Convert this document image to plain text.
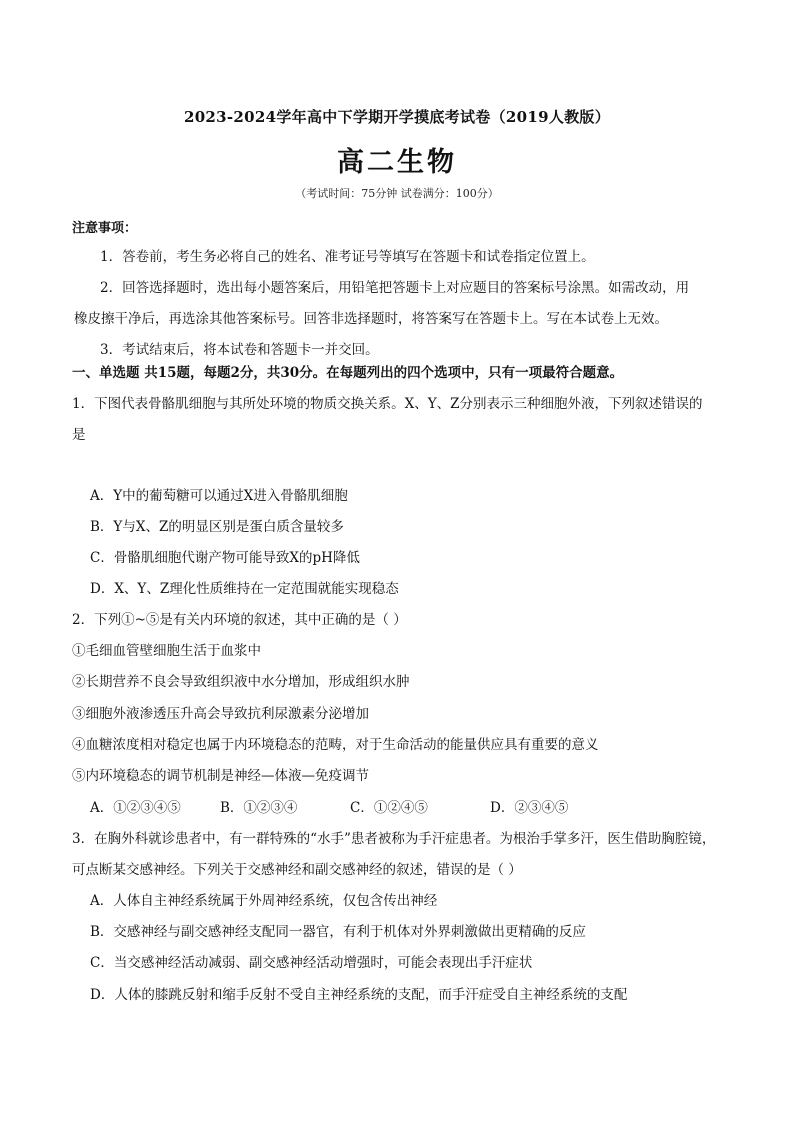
2023-2024学年高中下学期开学摸底考试卷（2019人教版）
高二生物
（考试时间：75分钟 试卷满分：100分）
注意事项：
1．答卷前，考生务必将自己的姓名、准考证号等填写在答题卡和试卷指定位置上。
2．回答选择题时，选出每小题答案后，用铅笔把答题卡上对应题目的答案标号涂黑。如需改动，用
橡皮擦干净后，再选涂其他答案标号。回答非选择题时，将答案写在答题卡上。写在本试卷上无效。
3．考试结束后，将本试卷和答题卡一并交回。
一、单选题 共15题，每题2分，共30分。在每题列出的四个选项中，只有一项最符合题意。
1．下图代表骨骼肌细胞与其所处环境的物质交换关系。X、Y、Z分别表示三种细胞外液，下列叙述错误的
是
A．Y中的葡萄糖可以通过X进入骨骼肌细胞
B．Y与X、Z的明显区别是蛋白质含量较多
C．骨骼肌细胞代谢产物可能导致X的pH降低
D．X、Y、Z理化性质维持在一定范围就能实现稳态
2．下列①~⑤是有关内环境的叙述，其中正确的是（ ）
①毛细血管壁细胞生活于血浆中
②长期营养不良会导致组织液中水分增加，形成组织水肿
③细胞外液渗透压升高会导致抗利尿激素分泌增加
④血糖浓度相对稳定也属于内环境稳态的范畴，对于生命活动的能量供应具有重要的意义
⑤内环境稳态的调节机制是神经—体液—免疫调节
A．①②③④⑤	B．①②③④	C．①②④⑤	D．②③④⑤
3．在胸外科就诊患者中，有一群特殊的“水手”患者被称为手汗症患者。为根治手掌多汗，医生借助胸腔镜，
可点断某交感神经。下列关于交感神经和副交感神经的叙述，错误的是（ ）
A．人体自主神经系统属于外周神经系统，仅包含传出神经
B．交感神经与副交感神经支配同一器官，有利于机体对外界刺激做出更精确的反应
C．当交感神经活动减弱、副交感神经活动增强时，可能会表现出手汗症状
D．人体的膝跳反射和缩手反射不受自主神经系统的支配，而手汗症受自主神经系统的支配
